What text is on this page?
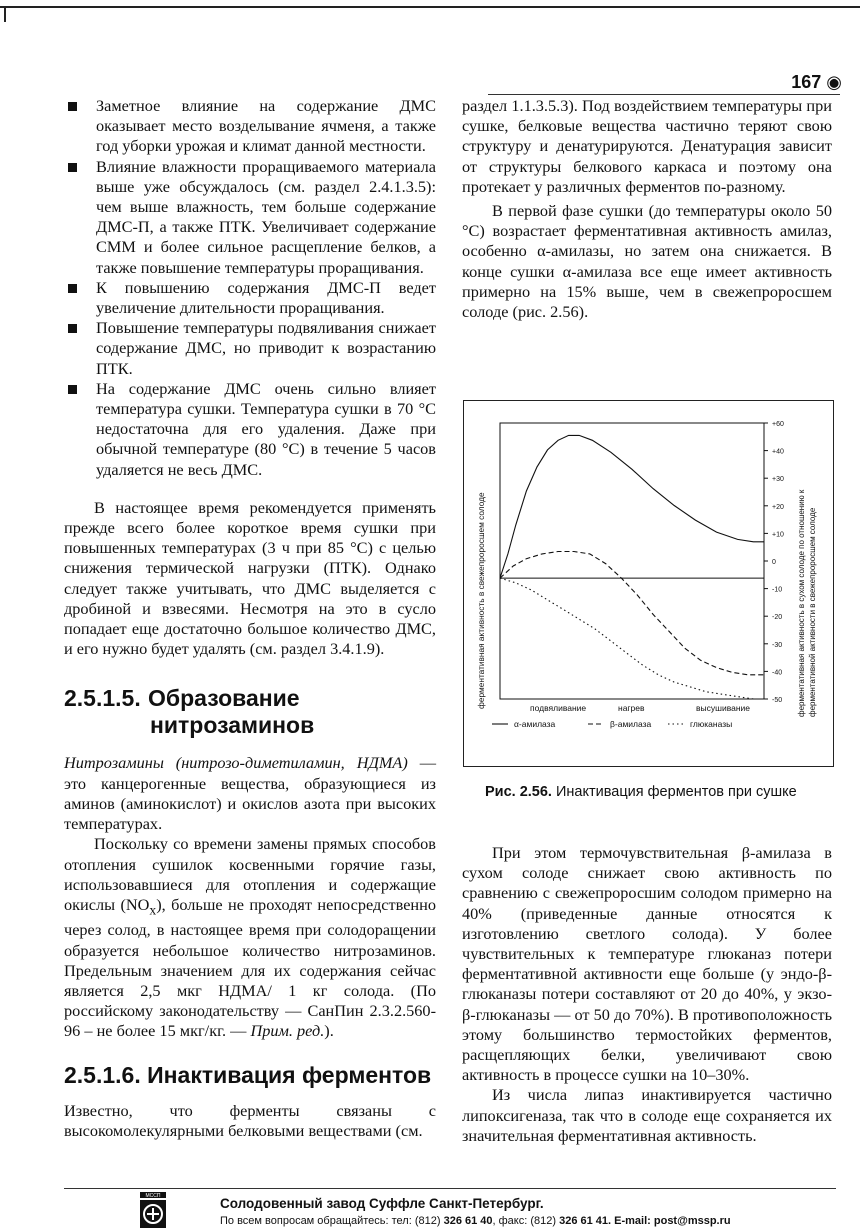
167 ◉
Заметное влияние на содержание ДМС оказывает место возделывание ячменя, а также год уборки урожая и климат данной местности.
Влияние влажности проращиваемого материала выше уже обсуждалось (см. раздел 2.4.1.3.5): чем выше влажность, тем больше содержание ДМС-П, а также ПТК. Увеличивает содержание СММ и более сильное расщепление белков, а также повышение температуры проращивания.
К повышению содержания ДМС-П ведет увеличение длительности проращивания.
Повышение температуры подвяливания снижает содержание ДМС, но приводит к возрастанию ПТК.
На содержание ДМС очень сильно влияет температура сушки. Температура сушки в 70 °С недостаточна для его удаления. Даже при обычной температуре (80 °С) в течение 5 часов удаляется не весь ДМС.

В настоящее время рекомендуется применять прежде всего более короткое время сушки при повышенных температурах (3 ч при 85 °С) с целью снижения термической нагрузки (ПТК). Однако следует также учитывать, что ДМС выделяется с дробиной и взвесями. Несмотря на это в сусло попадает еще достаточно большое количество ДМС, и его нужно будет удалять (см. раздел 3.4.1.9).

2.5.1.5. Образование
нитрозаминов

Нитрозамины (нитрозо-диметиламин, НДМА) — это канцерогенные вещества, образующиеся из аминов (аминокислот) и окислов азота при высоких температурах.

Поскольку со времени замены прямых способов отопления сушилок косвенными горячие газы, использовавшиеся для отопления и содержащие окислы $(NO_x)$, больше не проходят непосредственно через солод, в настоящее время при солодоращении образуется небольшое количество нитрозаминов. Предельным значением для их содержания сейчас является 2,5 мкг НДМА/ 1 кг солода. (По российскому законодательству — СанПин 2.3.2.560-96 – не более 15 мкг/кг. — Прим. ред.).

2.5.1.6. Инактивация ферментов

Известно, что ферменты связаны с высокомолекулярными белковыми веществами (см.

раздел 1.1.3.5.3). Под воздействием температуры при сушке, белковые вещества частично теряют свою структуру и денатурируются. Денатурация зависит от структуры белкового каркаса и поэтому она протекает у различных ферментов по-разному.

В первой фазе сушки (до температуры около 50 °С) возрастает ферментативная активность амилаз, особенно α-амилазы, но затем она снижается. В конце сушки α-амилаза все еще имеет активность примерно на 15% выше, чем в свежепроросшем солоде (рис. 2.56).

+60
+40
+30
+20
+10
0
-10
-20
-30
-40
-50
подвяливание	нагрев	высушивание
α-амилаза	β-амилаза	глюканазы
ферментативная активность в свежепроросшем солоде	ферментативная активность в сухом солоде по отношению к ферментативной активности в свежепроросшем солоде
Рис. 2.56. Инактивация ферментов при сушке

При этом термочувствительная β-амилаза в сухом солоде снижает свою активность по сравнению с свежепроросшим солодом примерно на 40% (приведенные данные относятся к изготовлению светлого солода). У более чувствительных к температуре глюканаз потери ферментативной активности еще больше (у эндо-β-глюканазы потери составляют от 20 до 40%, у экзо-β-глюканазы — от 50 до 70%). В противоположность этому большинство термостойких ферментов, расщепляющих белки, увеличивают свою активность в процессе сушки на 10–30%.

Из числа липаз инактивируется частично липоксигеназа, так что в солоде еще сохраняется их значительная ферментативная активность.

МССП	Солодовенный завод Суффле Санкт-Петербург.
По всем вопросам обращайтесь: тел: (812) 326 61 40, факс: (812) 326 61 41. E-mail: post@mssp.ru
